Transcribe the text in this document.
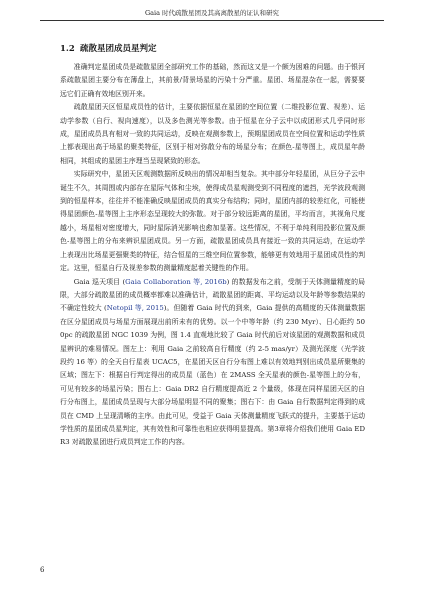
Gaia 时代疏散星团及其高离散星的证认和研究
1.2 疏散星团成员星判定

准确判定星团成员是疏散星团全部研究工作的基础，然而这又是一个颇为困难的问题。由于银河系疏散星团主要分布在薄盘上，其前景/背景场星的污染十分严重。星团、场星混杂在一起，需要要远它们正确有效地区别开来。

疏散星团天区恒星成员性的估计，主要依据恒星在星团的空间位置（二维投影位置、视差）、运动学参数（自行、视向速度），以及多色测光等参数。由于恒星在分子云中以成团形式几乎同时形成，星团成员具有相对一致的共同运动，反映在观测参数上，预期星团成员在空间位置和运动学性质上都表现出高于场星的聚类特征，区别于相对弥散分布的场星分布；在颜色-星等图上，成员星年龄相同，其组成的星团主序理当呈现紧致的形态。

实际研究中，星团天区观测数据所反映出的情况却相当复杂。其中部分年轻星团，从巨分子云中诞生不久，其周围或内部存在星际气体和尘埃，使得成员星观测受到不同程度的遮挡，光学波段观测到的恒星样本，往往并不能准确反映星团成员的真实分布结构；同时，星团内部的较差红化，可能使得星团颜色-星等图上主序形态呈现较大的弥散。对于部分较远距离的星团，平均而言，其视角尺度越小，场星相对密度增大，同时星际消光影响也愈加显著。这些情况，不利于单纯利用投影位置及颜色-星等图上的分布来辨识星团成员。另一方面，疏散星团成员具有接近一致的共同运动，在运动学上表现出比场星更强聚类的特征，结合恒星的三维空间位置参数，能够更有效地用于星团成员性的判定。这里，恒星自行及视差参数的测量精度起着关键性的作用。

Gaia 巡天项目 (Gaia Collaboration 等, 2016b) 的数据发布之前，受制于天体测量精度的局限，大部分疏散星团的成员概率都难以准确估计，疏散星团的距离、平均运动以及年龄等参数结果的不确定性较大 (Netopil 等, 2015)。但随着 Gaia 时代的到来，Gaia 提供的高精度的天体测量数据在区分星团成员与场星方面展现出前所未有的优势。以一个中等年龄（约 230 Myr）、日心距约 500pc 的疏散星团 NGC 1039 为例，图 1.4 直观地比较了 Gaia 时代前后对该星团的观测数据和成员星辨识的难易情况。图左上：利用 Gaia 之前较高自行精度（约 2-5 mas/yr）及测光深度（光学波段约 16 等）的全天自行星表 UCAC5，在星团天区自行分布图上难以有效地判别出成员星所聚集的区域；图左下：根据自行判定得出的成员星（蓝色）在 2MASS 全天星表的颜色-星等图上的分布，可见有较多的场星污染；图右上：Gaia DR2 自行精度提高近 2 个量级，体现在同样星团天区的自行分布图上，星团成员呈现与大部分场星明显不同的聚集；图右下：由 Gaia 自行数据判定得到的成员在 CMD 上呈现清晰的主序。由此可见，受益于 Gaia 天体测量精度飞跃式的提升，主要基于运动学性质的星团成员星判定，其有效性和可靠性也相应获得明显提高。第3章将介绍我们使用 Gaia EDR3 对疏散星团进行成员判定工作的内容。

6
